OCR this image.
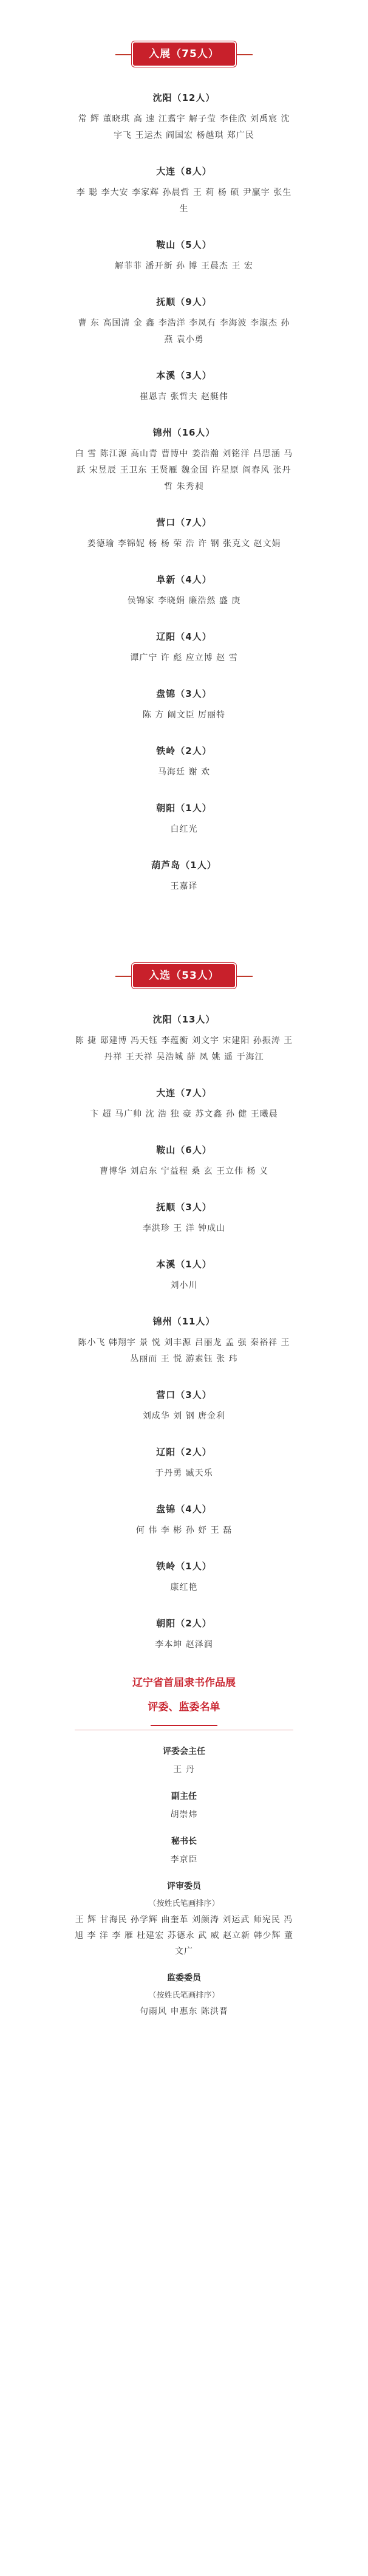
入展（75人）
沈阳（12人）
常 辉 董晓琪 高 速 江翥宇 解子莹 李佳欣 刘禹宸 沈宇飞 王运杰 阎国宏 杨越琪 郑广民
大连（8人）
李 聪 李大安 李家辉 孙晨哲 王 莉 杨 硕 尹赢宇 张生生
鞍山（5人）
解菲菲 潘开新 孙 博 王晨杰 王 宏
抚顺（9人）
曹 东 高国清 金 鑫 李浩洋 李凤有 李海波 李淑杰 孙 燕 袁小勇
本溪（3人）
崔恩吉 张哲夫 赵艇伟
锦州（16人）
白 雪 陈江源 高山青 曹博中 姜浩瀚 刘铭洋 吕思涵 马 跃 宋昱辰 王卫东 王贤雁 魏金国 许星原 阎春风 张丹哲 朱秀昶
营口（7人）
姜德瑜 李锦妮 杨 杨 荣 浩 许 钢 张克文 赵文娟
阜新（4人）
侯锦家 李晓娟 廉浩然 盛 庚
辽阳（4人）
谭广宁 许 彪 应立博 赵 雪
盘锦（3人）
陈 方 阚文臣 厉丽特
铁岭（2人）
马海廷 谢 欢
朝阳（1人）
白红光
葫芦岛（1人）
王嘉译
入选（53人）
沈阳（13人）
陈 捷 邸建博 冯天钰 李蕴衡 刘文宇 宋建阳 孙振涛 王丹祥 王天祥 吴浩城 薛 凤 姚 遥 于海江
大连（7人）
卞 超 马广帅 沈 浩 独 豪 苏文鑫 孙 健 王曦晨
鞍山（6人）
曹博华 刘启东 宁益程 桑 玄 王立伟 杨 义
抚顺（3人）
李洪珍 王 洋 钟成山
本溪（1人）
刘小川
锦州（11人）
陈小飞 韩翔宇 景 悦 刘丰源 吕丽龙 孟 强 秦裕祥 王丛丽而 王 悦 游素钰 张 玮
营口（3人）
刘成华 刘 钢 唐金利
辽阳（2人）
于丹勇 臧天乐
盘锦（4人）
何 伟 李 彬 孙 妤 王 磊
铁岭（1人）
康红艳
朝阳（2人）
李本坤 赵泽润
辽宁省首届隶书作品展
评委、监委名单
评委会主任
王 丹
副主任
胡崇炜
秘书长
李京臣
评审委员
（按姓氏笔画排序）
王 辉 甘海民 孙学辉 曲奎革 刘颜涛 刘运武 师宪民 冯 旭 李 洋 李 雁 杜建宏 苏德永 武 威 赵立新 韩少辉 董文广
监委委员
（按姓氏笔画排序）
句雨风 申惠东 陈洪晋
